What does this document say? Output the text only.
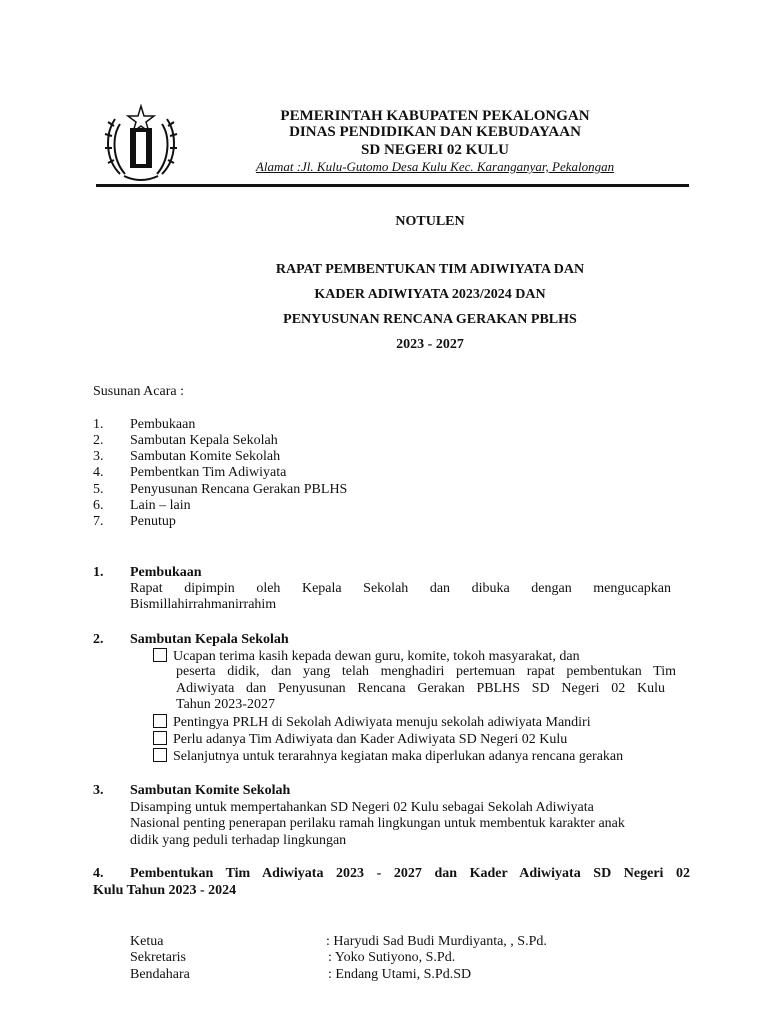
PEMERINTAH KABUPATEN PEKALONGAN
DINAS PENDIDIKAN DAN KEBUDAYAAN
SD NEGERI 02 KULU
Alamat :Jl. Kulu-Gutomo Desa Kulu Kec. Karanganyar, Pekalongan
NOTULEN
RAPAT PEMBENTUKAN TIM ADIWIYATA DAN
KADER ADIWIYATA 2023/2024 DAN
PENYUSUNAN RENCANA GERAKAN PBLHS
2023 - 2027
Susunan Acara :
1.	Pembukaan
2.	Sambutan Kepala Sekolah
3.	Sambutan Komite Sekolah
4.	Pembentkan Tim Adiwiyata
5.	Penyusunan Rencana Gerakan PBLHS
6.	Lain – lain
7.	Penutup
1. Pembukaan
Rapat dipimpin oleh Kepala Sekolah dan dibuka dengan mengucapkan
Bismillahirrahmanirrahim
2. Sambutan Kepala Sekolah
Ucapan terima kasih kepada dewan guru, komite, tokoh masyarakat, dan
peserta didik, dan yang telah menghadiri pertemuan rapat pembentukan Tim
Adiwiyata dan Penyusunan Rencana Gerakan PBLHS SD Negeri 02 Kulu
Tahun 2023-2027
Pentingya PRLH di Sekolah Adiwiyata menuju sekolah adiwiyata Mandiri
Perlu adanya Tim Adiwiyata dan Kader Adiwiyata SD Negeri 02 Kulu
Selanjutnya untuk terarahnya kegiatan maka diperlukan adanya rencana gerakan
3. Sambutan Komite Sekolah
Disamping untuk mempertahankan SD Negeri 02 Kulu sebagai Sekolah Adiwiyata
Nasional penting penerapan perilaku ramah lingkungan untuk membentuk karakter anak
didik yang peduli terhadap lingkungan
4. Pembentukan Tim Adiwiyata 2023 - 2027 dan Kader Adiwiyata SD Negeri 02
Kulu Tahun 2023 - 2024
Ketua	: Haryudi Sad Budi Murdiyanta, , S.Pd.
Sekretaris	: Yoko Sutiyono, S.Pd.
Bendahara	: Endang Utami, S.Pd.SD
